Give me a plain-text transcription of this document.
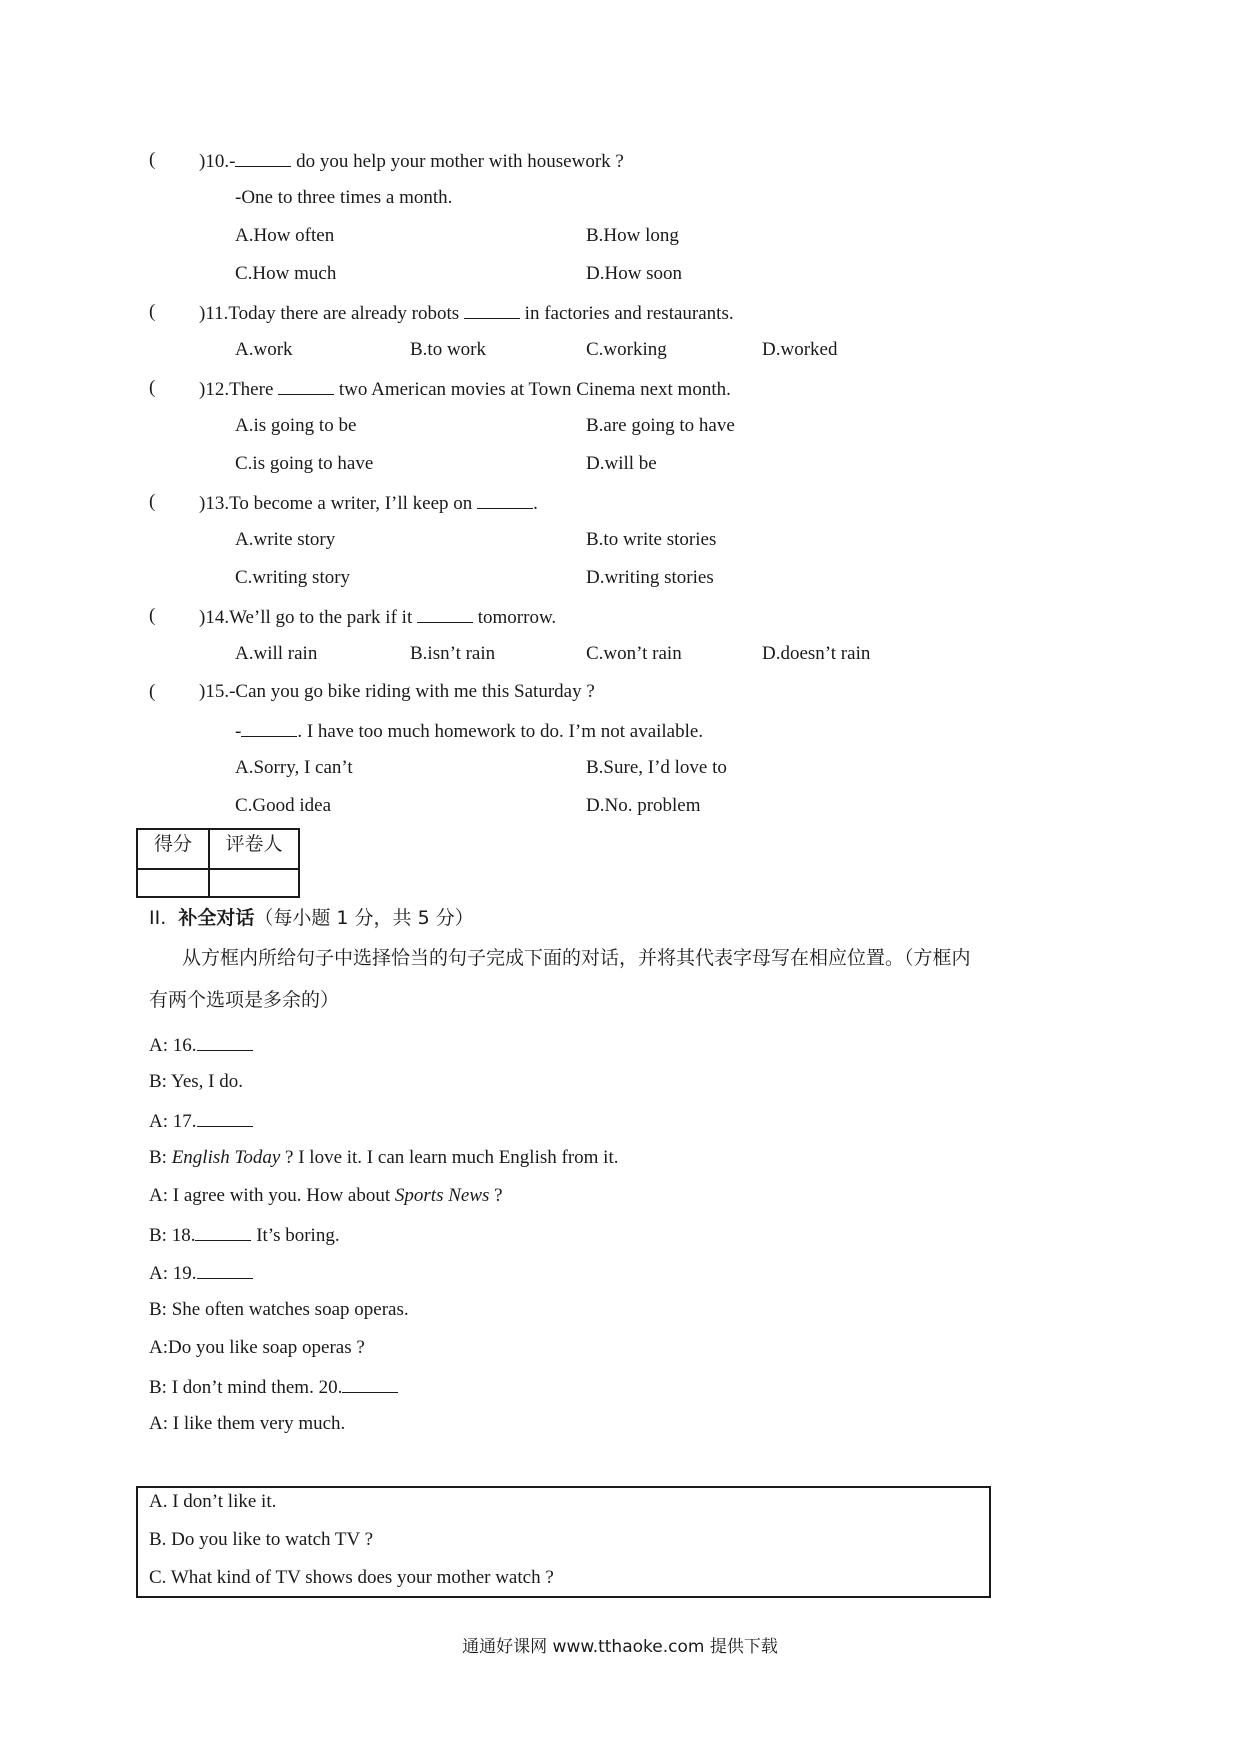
( )10.-	do you help your mother with housework ?
-One to three times a month.
A.How often	B.How long
C.How much	D.How soon
( )11.Today there are already robots	in factories and restaurants.
A.work	B.to work	C.working	D.worked
( )12.There	two American movies at Town Cinema next month.
A.is going to be	B.are going to have
C.is going to have	D.will be
( )13.To become a writer, I’ll keep on	.
A.write story	B.to write stories
C.writing story	D.writing stories
( )14.We’ll go to the park if it	tomorrow.
A.will rain	B.isn’t rain	C.won’t rain	D.doesn’t rain
( )15.-Can you go bike riding with me this Saturday ?
-	. I have too much homework to do. I’m not available.
A.Sorry, I can’t	B.Sure, I’d love to
C.Good idea	D.No. problem
得分	评卷人

II. 补全对话（每小题 1 分，共 5 分）
从方框内所给句子中选择恰当的句子完成下面的对话，并将其代表字母写在相应位置。（方框内
有两个选项是多余的）
A: 16.
B: Yes, I do.
A: 17.
B: English Today ? I love it. I can learn much English from it.
A: I agree with you. How about Sports News ?
B: 18.	It’s boring.
A: 19.
B: She often watches soap operas.
A:Do you like soap operas ?
B: I don’t mind them. 20.
A: I like them very much.
A. I don’t like it.
B. Do you like to watch TV ?
C. What kind of TV shows does your mother watch ?
通通好课网 www.tthaoke.com 提供下载
